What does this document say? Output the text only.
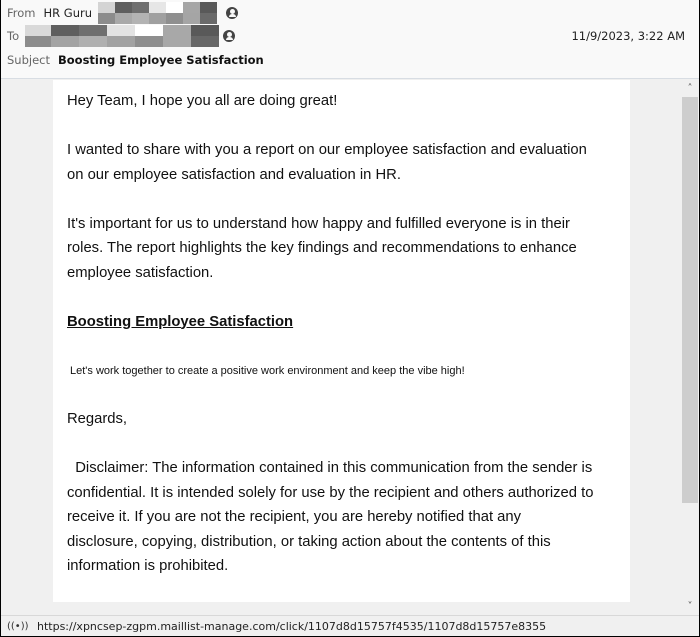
From HR Guru
To
Subject Boosting Employee Satisfaction
11/9/2023, 3:22 AM
Hey Team, I hope you all are doing great!
I wanted to share with you a report on our employee satisfaction and evaluation
on our employee satisfaction and evaluation in HR.
It's important for us to understand how happy and fulfilled everyone is in their
roles. The report highlights the key findings and recommendations to enhance
employee satisfaction.
Boosting Employee Satisfaction
Let's work together to create a positive work environment and keep the vibe high!
Regards,
Disclaimer: The information contained in this communication from the sender is
confidential. It is intended solely for use by the recipient and others authorized to
receive it. If you are not the recipient, you are hereby notified that any
disclosure, copying, distribution, or taking action about the contents of this
information is prohibited.
˄
˅
((•)) https://xpncsep-zgpm.maillist-manage.com/click/1107d8d15757f4535/1107d8d15757e8355
